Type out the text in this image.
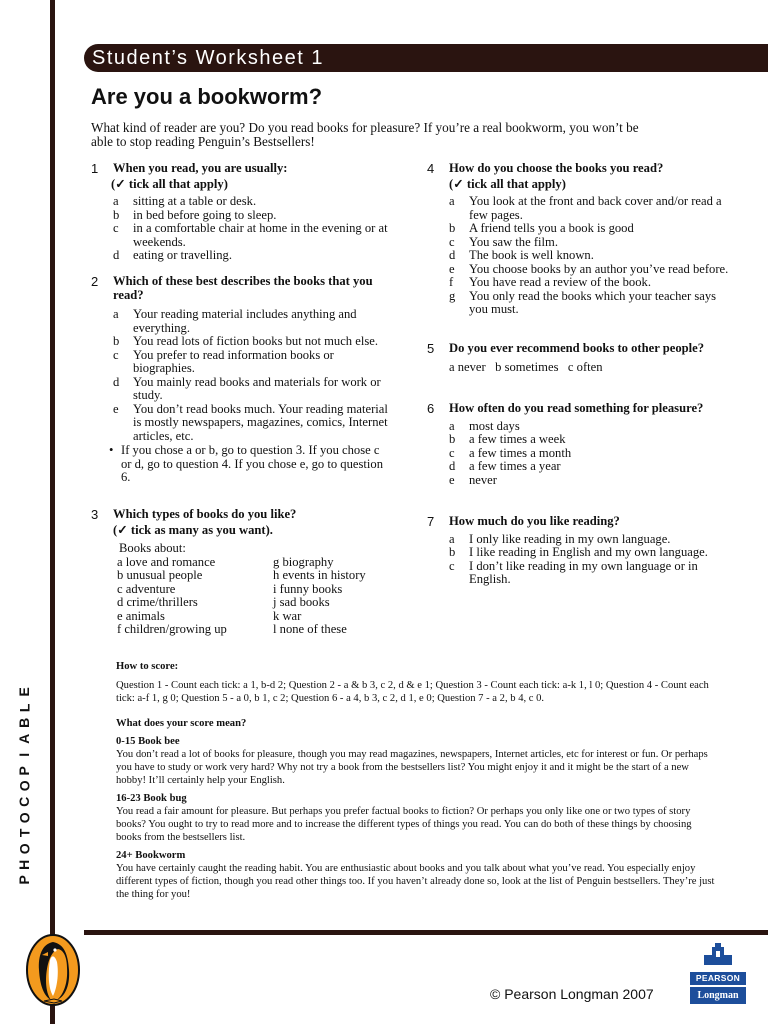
Student’s Worksheet 1
Are you a bookworm?

What kind of reader are you? Do you read books for pleasure? If you’re a real bookworm, you won’t be able to stop reading Penguin’s Bestsellers!

1	When you read, you are usually:
(✓ tick all that apply)
a	sitting at a table or desk.
b	in bed before going to sleep.
c	in a comfortable chair at home in the evening or at weekends.
d	eating or travelling.
2	Which of these best describes the books that you read?
a	Your reading material includes anything and everything.
b	You read lots of fiction books but not much else.
c	You prefer to read information books or biographies.
d	You mainly read books and materials for work or study.
e	You don’t read books much. Your reading material is mostly newspapers, magazines, comics, Internet articles, etc.
• If you chose a or b, go to question 3. If you chose c or d, go to question 4. If you chose e, go to question 6.
3	Which types of books do you like?
(✓ tick as many as you want).
Books about:
a love and romance	g biography
b unusual people	h events in history
c adventure	i funny books
d crime/thrillers	j sad books
e animals	k war
f children/growing up	l none of these
4	How do you choose the books you read?
(✓ tick all that apply)
a	You look at the front and back cover and/or read a few pages.
b	A friend tells you a book is good
c	You saw the film.
d	The book is well known.
e	You choose books by an author you’ve read before.
f	You have read a review of the book.
g	You only read the books which your teacher says you must.
5	Do you ever recommend books to other people?
a never   b sometimes   c often
6	How often do you read something for pleasure?
a	most days
b	a few times a week
c	a few times a month
d	a few times a year
e	never
7	How much do you like reading?
a	I only like reading in my own language.
b	I like reading in English and my own language.
c	I don’t like reading in my own language or in English.

How to score:

Question 1 - Count each tick: a 1, b-d 2; Question 2 - a & b 3, c 2, d & e 1; Question 3 - Count each tick: a-k 1, l 0; Question 4 - Count each tick: a-f 1, g 0; Question 5 - a 0, b 1, c 2; Question 6 - a 4, b 3, c 2, d 1, e 0; Question 7 - a 2, b 4, c 0.

What does your score mean?

0-15 Book bee

You don’t read a lot of books for pleasure, though you may read magazines, newspapers, Internet articles, etc for interest or fun. Or perhaps you have to study or work very hard? Why not try a book from the bestsellers list? You might enjoy it and it might be the start of a new hobby! It’ll certainly help your English.

16-23 Book bug

You read a fair amount for pleasure. But perhaps you prefer factual books to fiction? Or perhaps you only like one or two types of story books? You ought to try to read more and to increase the different types of things you read. You can do both of these things by choosing books from the bestsellers list.

24+ Bookworm

You have certainly caught the reading habit. You are enthusiastic about books and you talk about what you’ve read. You especially enjoy different types of fiction, though you read other things too. If you haven’t already done so, look at the list of Penguin bestsellers. They’re just the thing for you!

E
L
B
A
I
P
O
C
O
T
O
H
P
PEARSON
Longman
© Pearson Longman 2007
